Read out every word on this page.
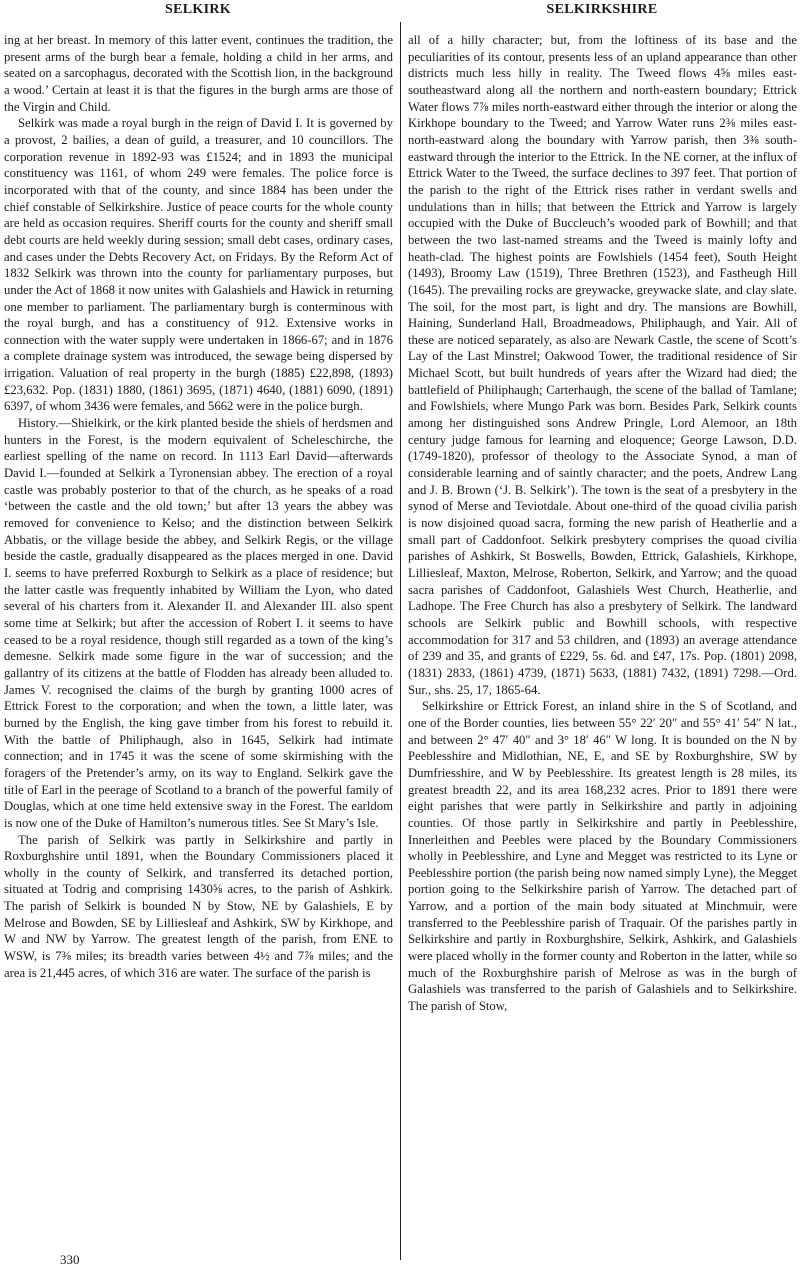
SELKIRK	SELKIRKSHIRE

ing at her breast. In memory of this latter event, continues the tradition, the present arms of the burgh bear a female, holding a child in her arms, and seated on a sarcophagus, decorated with the Scottish lion, in the background a wood.’ Certain at least it is that the figures in the burgh arms are those of the Virgin and Child.

Selkirk was made a royal burgh in the reign of David I. It is governed by a provost, 2 bailies, a dean of guild, a treasurer, and 10 councillors. The corporation revenue in 1892-93 was £1524; and in 1893 the municipal constituency was 1161, of whom 249 were females. The police force is incorporated with that of the county, and since 1884 has been under the chief constable of Selkirkshire. Justice of peace courts for the whole county are held as occasion requires. Sheriff courts for the county and sheriff small debt courts are held weekly during session; small debt cases, ordinary cases, and cases under the Debts Recovery Act, on Fridays. By the Reform Act of 1832 Selkirk was thrown into the county for parliamentary purposes, but under the Act of 1868 it now unites with Galashiels and Hawick in returning one member to parliament. The parliamentary burgh is conterminous with the royal burgh, and has a constituency of 912. Extensive works in connection with the water supply were undertaken in 1866-67; and in 1876 a complete drainage system was introduced, the sewage being dispersed by irrigation. Valuation of real property in the burgh (1885) £22,898, (1893) £23,632. Pop. (1831) 1880, (1861) 3695, (1871) 4640, (1881) 6090, (1891) 6397, of whom 3436 were females, and 5662 were in the police burgh.

History.—Shielkirk, or the kirk planted beside the shiels of herdsmen and hunters in the Forest, is the modern equivalent of Scheleschirche, the earliest spelling of the name on record. In 1113 Earl David—afterwards David I.—founded at Selkirk a Tyronensian abbey. The erection of a royal castle was probably posterior to that of the church, as he speaks of a road ‘between the castle and the old town;’ but after 13 years the abbey was removed for convenience to Kelso; and the distinction between Selkirk Abbatis, or the village beside the abbey, and Selkirk Regis, or the village beside the castle, gradually disappeared as the places merged in one. David I. seems to have preferred Roxburgh to Selkirk as a place of residence; but the latter castle was frequently inhabited by William the Lyon, who dated several of his charters from it. Alexander II. and Alexander III. also spent some time at Selkirk; but after the accession of Robert I. it seems to have ceased to be a royal residence, though still regarded as a town of the king’s demesne. Selkirk made some figure in the war of succession; and the gallantry of its citizens at the battle of Flodden has already been alluded to. James V. recognised the claims of the burgh by granting 1000 acres of Ettrick Forest to the corporation; and when the town, a little later, was burned by the English, the king gave timber from his forest to rebuild it. With the battle of Philiphaugh, also in 1645, Selkirk had intimate connection; and in 1745 it was the scene of some skirmishing with the foragers of the Pretender’s army, on its way to England. Selkirk gave the title of Earl in the peerage of Scotland to a branch of the powerful family of Douglas, which at one time held extensive sway in the Forest. The earldom is now one of the Duke of Hamilton’s numerous titles. See St Mary’s Isle.

The parish of Selkirk was partly in Selkirkshire and partly in Roxburghshire until 1891, when the Boundary Commissioners placed it wholly in the county of Selkirk, and transferred its detached portion, situated at Todrig and comprising 1430⅝ acres, to the parish of Ashkirk. The parish of Selkirk is bounded N by Stow, NE by Galashiels, E by Melrose and Bowden, SE by Lilliesleaf and Ashkirk, SW by Kirkhope, and W and NW by Yarrow. The greatest length of the parish, from ENE to WSW, is 7⅜ miles; its breadth varies between 4½ and 7⅞ miles; and the area is 21,445 acres, of which 316 are water. The surface of the parish is

all of a hilly character; but, from the loftiness of its base and the peculiarities of its contour, presents less of an upland appearance than other districts much less hilly in reality. The Tweed flows 4⅝ miles east-southeastward along all the northern and north-eastern boundary; Ettrick Water flows 7⅞ miles north-eastward either through the interior or along the Kirkhope boundary to the Tweed; and Yarrow Water runs 2⅜ miles east-north-eastward along the boundary with Yarrow parish, then 3⅜ south-eastward through the interior to the Ettrick. In the NE corner, at the influx of Ettrick Water to the Tweed, the surface declines to 397 feet. That portion of the parish to the right of the Ettrick rises rather in verdant swells and undulations than in hills; that between the Ettrick and Yarrow is largely occupied with the Duke of Buccleuch’s wooded park of Bowhill; and that between the two last-named streams and the Tweed is mainly lofty and heath-clad. The highest points are Fowlshiels (1454 feet), South Height (1493), Broomy Law (1519), Three Brethren (1523), and Fastheugh Hill (1645). The prevailing rocks are greywacke, greywacke slate, and clay slate. The soil, for the most part, is light and dry. The mansions are Bowhill, Haining, Sunderland Hall, Broadmeadows, Philiphaugh, and Yair. All of these are noticed separately, as also are Newark Castle, the scene of Scott’s Lay of the Last Minstrel; Oakwood Tower, the traditional residence of Sir Michael Scott, but built hundreds of years after the Wizard had died; the battlefield of Philiphaugh; Carterhaugh, the scene of the ballad of Tamlane; and Fowlshiels, where Mungo Park was born. Besides Park, Selkirk counts among her distinguished sons Andrew Pringle, Lord Alemoor, an 18th century judge famous for learning and eloquence; George Lawson, D.D. (1749-1820), professor of theology to the Associate Synod, a man of considerable learning and of saintly character; and the poets, Andrew Lang and J. B. Brown (‘J. B. Selkirk’). The town is the seat of a presbytery in the synod of Merse and Teviotdale. About one-third of the quoad civilia parish is now disjoined quoad sacra, forming the new parish of Heatherlie and a small part of Caddonfoot. Selkirk presbytery comprises the quoad civilia parishes of Ashkirk, St Boswells, Bowden, Ettrick, Galashiels, Kirkhope, Lilliesleaf, Maxton, Melrose, Roberton, Selkirk, and Yarrow; and the quoad sacra parishes of Caddonfoot, Galashiels West Church, Heatherlie, and Ladhope. The Free Church has also a presbytery of Selkirk. The landward schools are Selkirk public and Bowhill schools, with respective accommodation for 317 and 53 children, and (1893) an average attendance of 239 and 35, and grants of £229, 5s. 6d. and £47, 17s. Pop. (1801) 2098, (1831) 2833, (1861) 4739, (1871) 5633, (1881) 7432, (1891) 7298.—Ord. Sur., shs. 25, 17, 1865-64.

Selkirkshire or Ettrick Forest, an inland shire in the S of Scotland, and one of the Border counties, lies between 55° 22′ 20″ and 55° 41′ 54″ N lat., and between 2° 47′ 40″ and 3° 18′ 46″ W long. It is bounded on the N by Peeblesshire and Midlothian, NE, E, and SE by Roxburghshire, SW by Dumfriesshire, and W by Peeblesshire. Its greatest length is 28 miles, its greatest breadth 22, and its area 168,232 acres. Prior to 1891 there were eight parishes that were partly in Selkirkshire and partly in adjoining counties. Of those partly in Selkirkshire and partly in Peeblesshire, Innerleithen and Peebles were placed by the Boundary Commissioners wholly in Peeblesshire, and Lyne and Megget was restricted to its Lyne or Peeblesshire portion (the parish being now named simply Lyne), the Megget portion going to the Selkirkshire parish of Yarrow. The detached part of Yarrow, and a portion of the main body situated at Minchmuir, were transferred to the Peeblesshire parish of Traquair. Of the parishes partly in Selkirkshire and partly in Roxburghshire, Selkirk, Ashkirk, and Galashiels were placed wholly in the former county and Roberton in the latter, while so much of the Roxburghshire parish of Melrose as was in the burgh of Galashiels was transferred to the parish of Galashiels and to Selkirkshire. The parish of Stow,

330
